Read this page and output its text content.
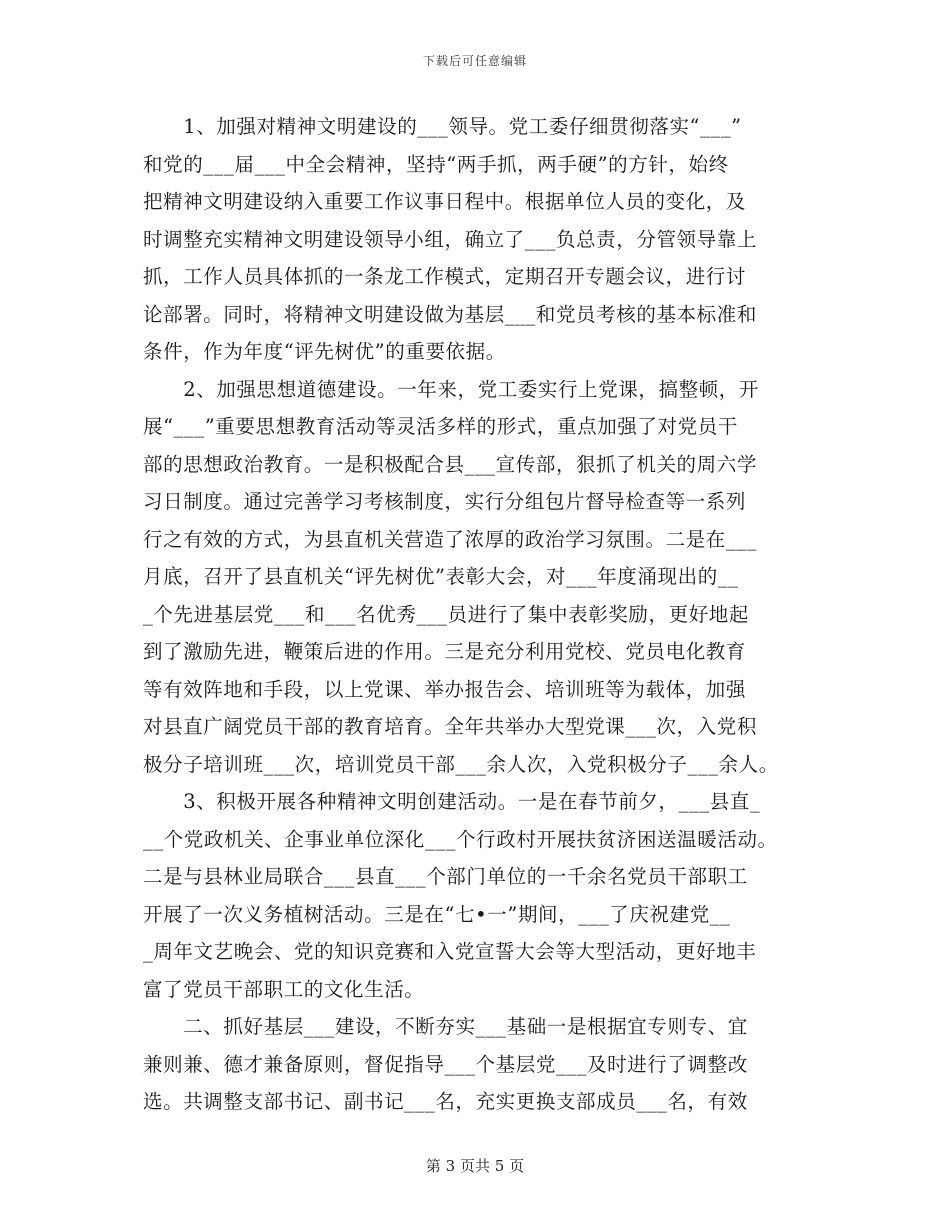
下载后可任意编辑

　　1、加强对精神文明建设的___领导。党工委仔细贯彻落实“___”
和党的___届___中全会精神，坚持“两手抓，两手硬”的方针，始终
把精神文明建设纳入重要工作议事日程中。根据单位人员的变化，及
时调整充实精神文明建设领导小组，确立了___负总责，分管领导靠上
抓，工作人员具体抓的一条龙工作模式，定期召开专题会议，进行讨
论部署。同时，将精神文明建设做为基层___和党员考核的基本标准和
条件，作为年度“评先树优”的重要依据。

　　2、加强思想道德建设。一年来，党工委实行上党课，搞整顿，开
展“___”重要思想教育活动等灵活多样的形式，重点加强了对党员干
部的思想政治教育。一是积极配合县___宣传部，狠抓了机关的周六学
习日制度。通过完善学习考核制度，实行分组包片督导检查等一系列
行之有效的方式，为县直机关营造了浓厚的政治学习氛围。二是在___
月底，召开了县直机关“评先树优”表彰大会，对___年度涌现出的__
_个先进基层党___和___名优秀___员进行了集中表彰奖励，更好地起
到了激励先进，鞭策后进的作用。三是充分利用党校、党员电化教育
等有效阵地和手段，以上党课、举办报告会、培训班等为载体，加强
对县直广阔党员干部的教育培育。全年共举办大型党课___次，入党积
极分子培训班___次，培训党员干部___余人次，入党积极分子___余人。

　　3、积极开展各种精神文明创建活动。一是在春节前夕，___县直_
__个党政机关、企事业单位深化___个行政村开展扶贫济困送温暖活动。
二是与县林业局联合___县直___个部门单位的一千余名党员干部职工
开展了一次义务植树活动。三是在“七•一”期间，___了庆祝建党__
_周年文艺晚会、党的知识竞赛和入党宣誓大会等大型活动，更好地丰
富了党员干部职工的文化生活。

　　二、抓好基层___建设，不断夯实___基础一是根据宜专则专、宜
兼则兼、德才兼备原则，督促指导___个基层党___及时进行了调整改
选。共调整支部书记、副书记___名，充实更换支部成员___名，有效

第 3 页共 5 页
